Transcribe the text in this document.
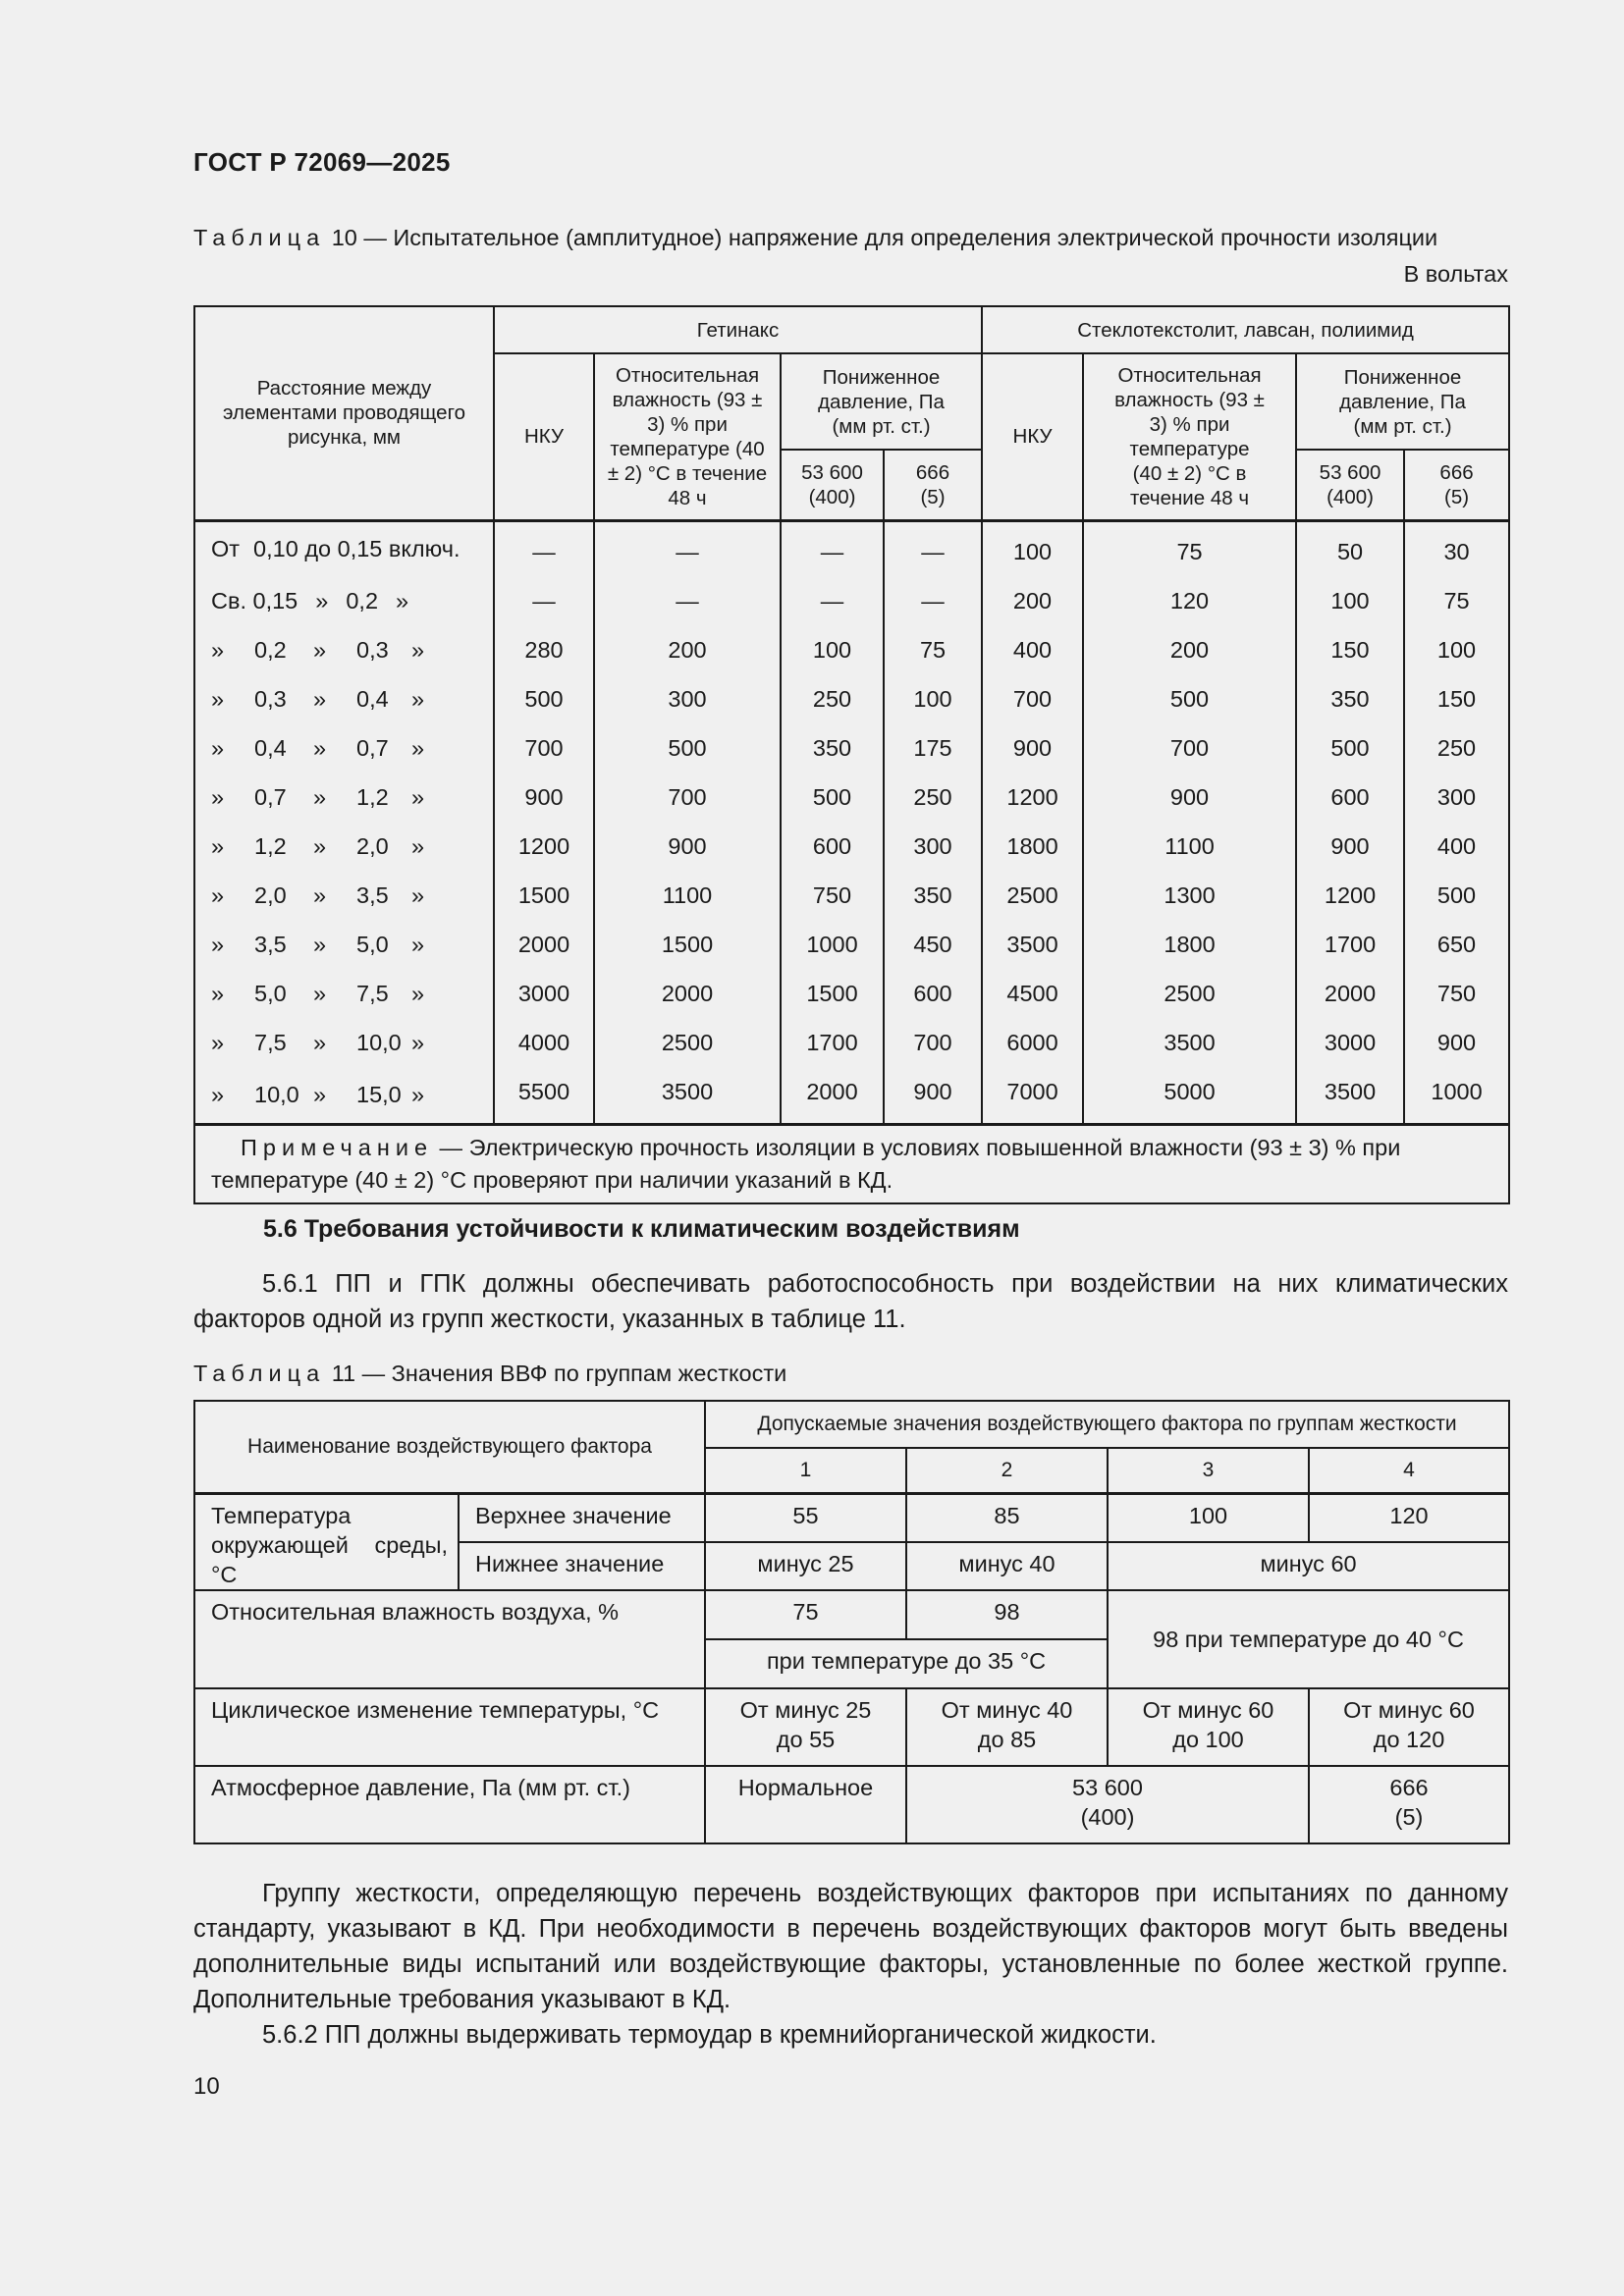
ГОСТ Р 72069—2025
Таблица 10 — Испытательное (амплитудное) напряжение для определения электрической прочности изоляции
В вольтах
Расстояние между элементами проводящего рисунка, мм	Гетинакс				Стеклотекстолит, лавсан, полиимид			
	НКУ	Относительная влажность (93 ± 3) % при температуре (40 ± 2) °С в течение 48 ч	Пониженное давление, Па (мм рт. ст.)		НКУ	Относительная влажность (93 ± 3) % при температуре (40 ± 2) °С в течение 48 ч	Пониженное давление, Па (мм рт. ст.)	
			53 600 (400)	666 (5)			53 600 (400)	666 (5)
От 0,10 до 0,15 включ.	—	—	—	—	100	75	50	30
Св. 0,15 » 0,2 »	—	—	—	—	200	120	100	75
» 0,2 » 0,3 »	280	200	100	75	400	200	150	100
» 0,3 » 0,4 »	500	300	250	100	700	500	350	150
» 0,4 » 0,7 »	700	500	350	175	900	700	500	250
» 0,7 » 1,2 »	900	700	500	250	1200	900	600	300
» 1,2 » 2,0 »	1200	900	600	300	1800	1100	900	400
» 2,0 » 3,5 »	1500	1100	750	350	2500	1300	1200	500
» 3,5 » 5,0 »	2000	1500	1000	450	3500	1800	1700	650
» 5,0 » 7,5 »	3000	2000	1500	600	4500	2500	2000	750
» 7,5 » 10,0 »	4000	2500	1700	700	6000	3500	3000	900
» 10,0 » 15,0 »	5500	3500	2000	900	7000	5000	3500	1000
Примечание — Электрическую прочность изоляции в условиях повышенной влажности (93 ± 3) % при температуре (40 ± 2) °С проверяют при наличии указаний в КД.								
5.6 Требования устойчивости к климатическим воздействиям
5.6.1 ПП и ГПК должны обеспечивать работоспособность при воздействии на них климатических факторов одной из групп жесткости, указанных в таблице 11.
Таблица 11 — Значения ВВФ по группам жесткости
Наименование воздействующего фактора		Допускаемые значения воздействующего фактора по группам жесткости			
		1	2	3	4
Температура окружающей среды, °С	Верхнее значение	55	85	100	120
	Нижнее значение	минус 25	минус 40	минус 60	
Относительная влажность воздуха, %		75	98	98 при температуре до 40 °С	
		при температуре до 35 °С			
Циклическое изменение температуры, °С		От минус 25 до 55	От минус 40 до 85	От минус 60 до 100	От минус 60 до 120
Атмосферное давление, Па (мм рт. ст.)		Нормальное	53 600 (400)		666 (5)
Группу жесткости, определяющую перечень воздействующих факторов при испытаниях по данному стандарту, указывают в КД. При необходимости в перечень воздействующих факторов могут быть введены дополнительные виды испытаний или воздействующие факторы, установленные по более жесткой группе. Дополнительные требования указывают в КД.
5.6.2 ПП должны выдерживать термоудар в кремнийорганической жидкости.
10
